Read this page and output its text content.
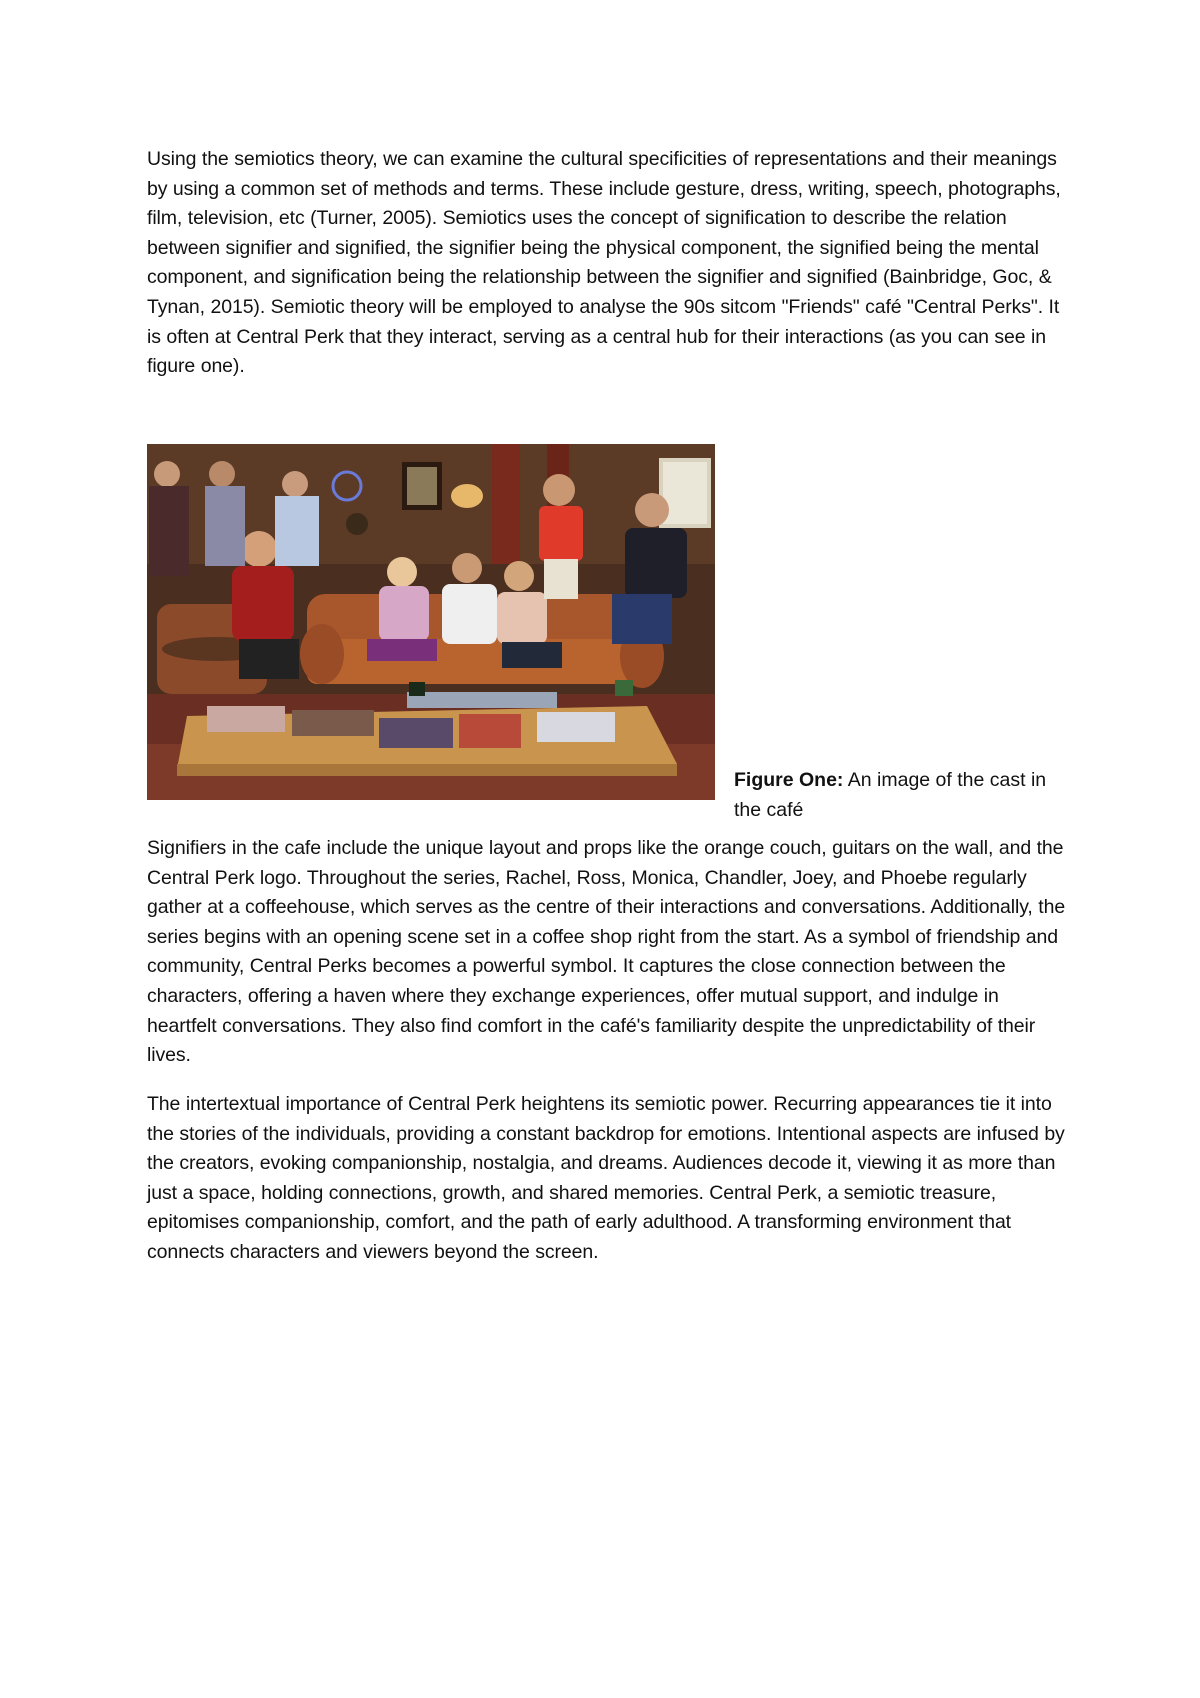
Using the semiotics theory, we can examine the cultural specificities of representations and their meanings by using a common set of methods and terms. These include gesture, dress, writing, speech, photographs, film, television, etc (Turner, 2005). Semiotics uses the concept of signification to describe the relation between signifier and signified, the signifier being the physical component, the signified being the mental component, and signification being the relationship between the signifier and signified (Bainbridge, Goc, & Tynan, 2015). Semiotic theory will be employed to analyse the 90s sitcom "Friends" café "Central Perks". It is often at Central Perk that they interact, serving as a central hub for their interactions (as you can see in figure one).

Figure One: An image of the cast in the café

Signifiers in the cafe include the unique layout and props like the orange couch, guitars on the wall, and the Central Perk logo. Throughout the series, Rachel, Ross, Monica, Chandler, Joey, and Phoebe regularly gather at a coffeehouse, which serves as the centre of their interactions and conversations. Additionally, the series begins with an opening scene set in a coffee shop right from the start. As a symbol of friendship and community, Central Perks becomes a powerful symbol. It captures the close connection between the characters, offering a haven where they exchange experiences, offer mutual support, and indulge in heartfelt conversations. They also find comfort in the café's familiarity despite the unpredictability of their lives.

The intertextual importance of Central Perk heightens its semiotic power. Recurring appearances tie it into the stories of the individuals, providing a constant backdrop for emotions. Intentional aspects are infused by the creators, evoking companionship, nostalgia, and dreams. Audiences decode it, viewing it as more than just a space, holding connections, growth, and shared memories. Central Perk, a semiotic treasure, epitomises companionship, comfort, and the path of early adulthood. A transforming environment that connects characters and viewers beyond the screen.
